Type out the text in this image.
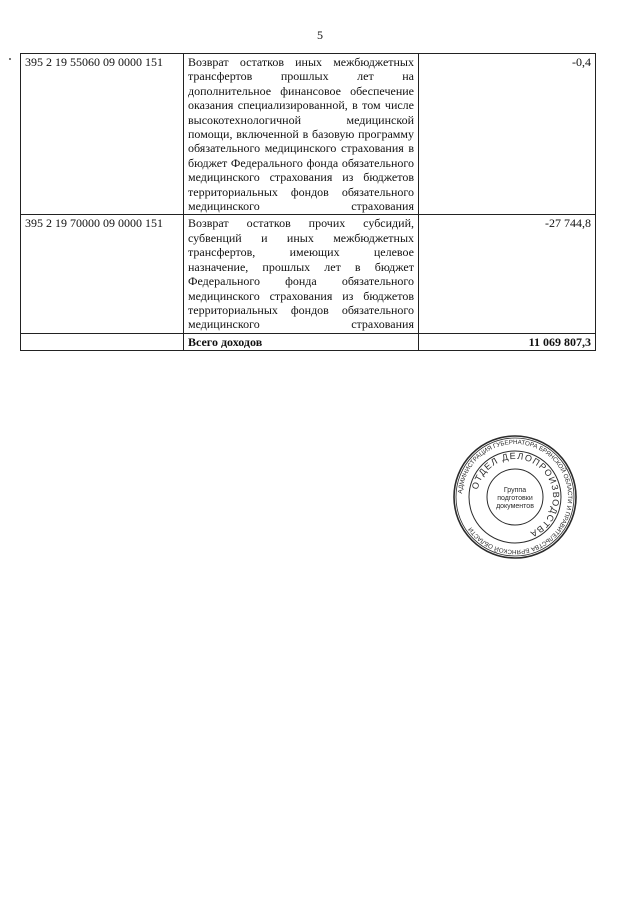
5
395 2 19 55060 09 0000 151	Возврат остатков иных межбюджетных трансфертов прошлых лет на дополнительное финансовое обеспечение оказания специализированной, в том числе высокотехнологичной медицинской помощи, включенной в базовую программу обязательного медицинского страхования в бюджет Федерального фонда обязательного медицинского страхования из бюджетов территориальных фондов обязательного медицинского страхования	-0,4
395 2 19 70000 09 0000 151	Возврат остатков прочих субсидий, субвенций и иных межбюджетных трансфертов, имеющих целевое назначение, прошлых лет в бюджет Федерального фонда обязательного медицинского страхования из бюджетов территориальных фондов обязательного медицинского страхования	-27 744,8
	Всего доходов	11 069 807,3
АДМИНИСТРАЦИЯ ГУБЕРНАТОРА БРЯНСКОЙ ОБЛАСТИ И ПРАВИТЕЛЬСТВА БРЯНСКОЙ ОБЛАСТИ
ОТДЕЛ ДЕЛОПРОИЗВОДСТВА
Группа
подготовки
документов
